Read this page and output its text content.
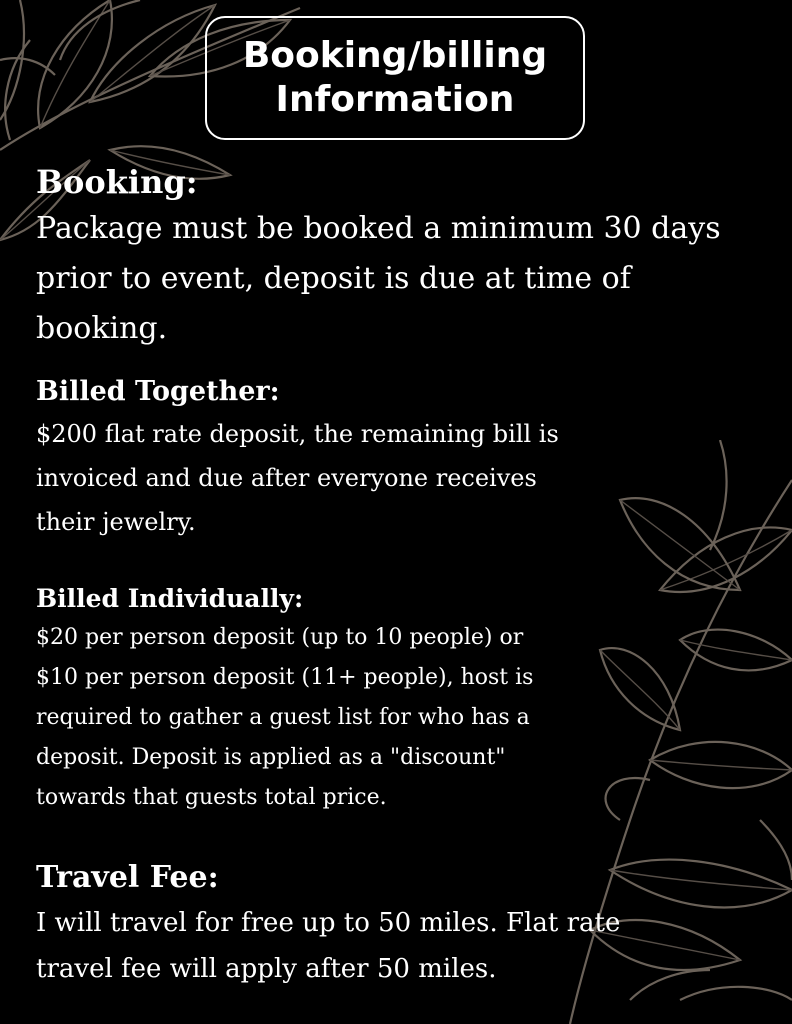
Booking/billing
Information
Booking:
Package must be booked a minimum 30 days
prior to event, deposit is due at time of
booking.
Billed Together:
$200 flat rate deposit, the remaining bill is
invoiced and due after everyone receives
their jewelry.
Billed Individually:
$20 per person deposit (up to 10 people) or
$10 per person deposit (11+ people), host is
required to gather a guest list for who has a
deposit. Deposit is applied as a "discount"
towards that guests total price.
Travel Fee:
I will travel for free up to 50 miles. Flat rate
travel fee will apply after 50 miles.
